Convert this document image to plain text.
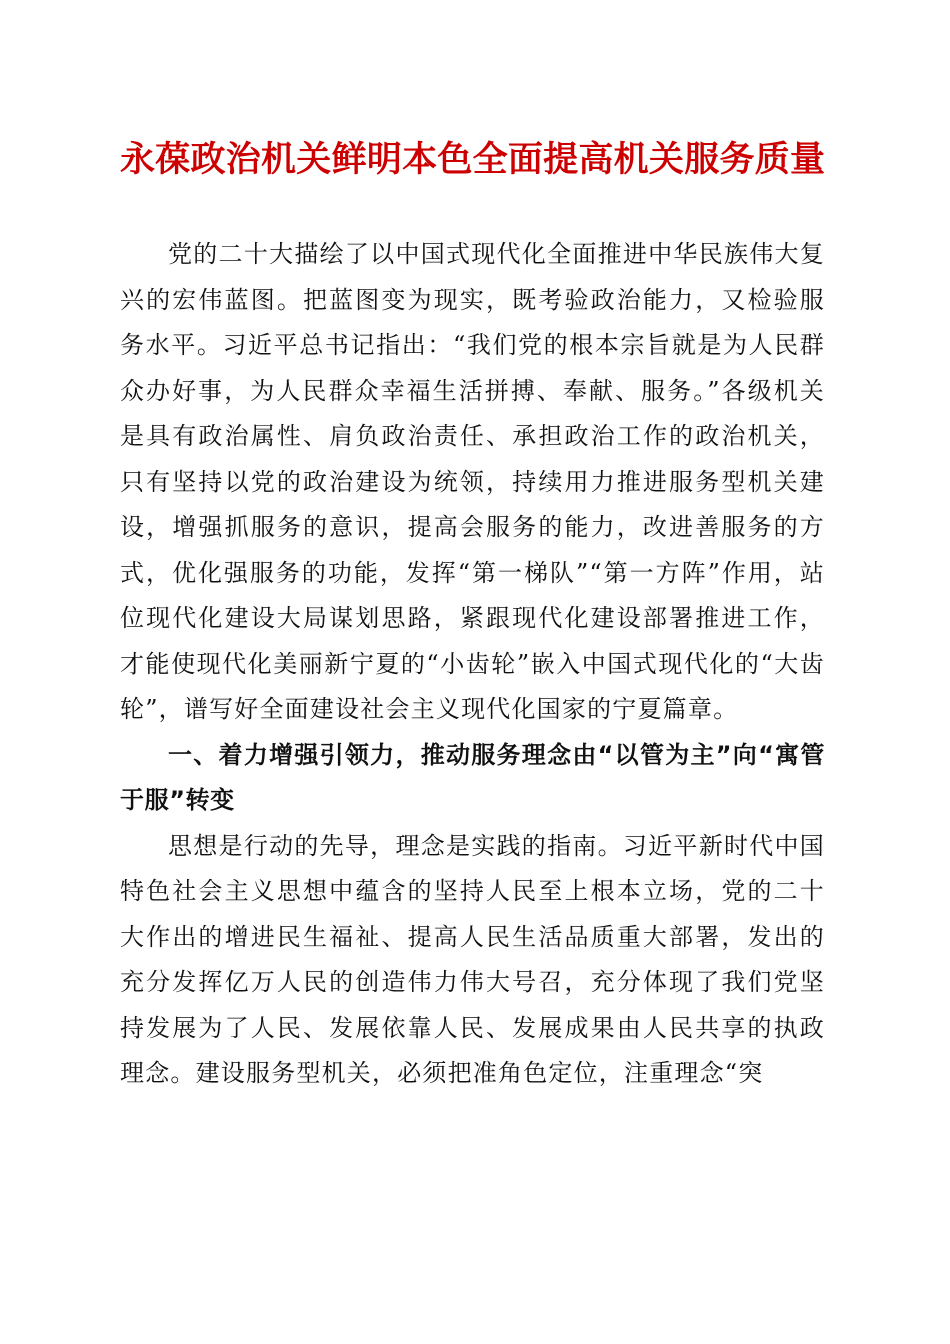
永葆政治机关鲜明本色全面提高机关服务质量

党的二十大描绘了以中国式现代化全面推进中华民族伟大复兴的宏伟蓝图。把蓝图变为现实，既考验政治能力，又检验服务水平。习近平总书记指出：“我们党的根本宗旨就是为人民群众办好事，为人民群众幸福生活拼搏、奉献、服务。”各级机关是具有政治属性、肩负政治责任、承担政治工作的政治机关，只有坚持以党的政治建设为统领，持续用力推进服务型机关建设，增强抓服务的意识，提高会服务的能力，改进善服务的方式，优化强服务的功能，发挥“第一梯队”“第一方阵”作用，站位现代化建设大局谋划思路，紧跟现代化建设部署推进工作，才能使现代化美丽新宁夏的“小齿轮”嵌入中国式现代化的“大齿轮”，谱写好全面建设社会主义现代化国家的宁夏篇章。

一、着力增强引领力，推动服务理念由“以管为主”向“寓管于服”转变

思想是行动的先导，理念是实践的指南。习近平新时代中国特色社会主义思想中蕴含的坚持人民至上根本立场，党的二十大作出的增进民生福祉、提高人民生活品质重大部署，发出的充分发挥亿万人民的创造伟力伟大号召，充分体现了我们党坚持发展为了人民、发展依靠人民、发展成果由人民共享的执政理念。建设服务型机关，必须把准角色定位，注重理念“突
